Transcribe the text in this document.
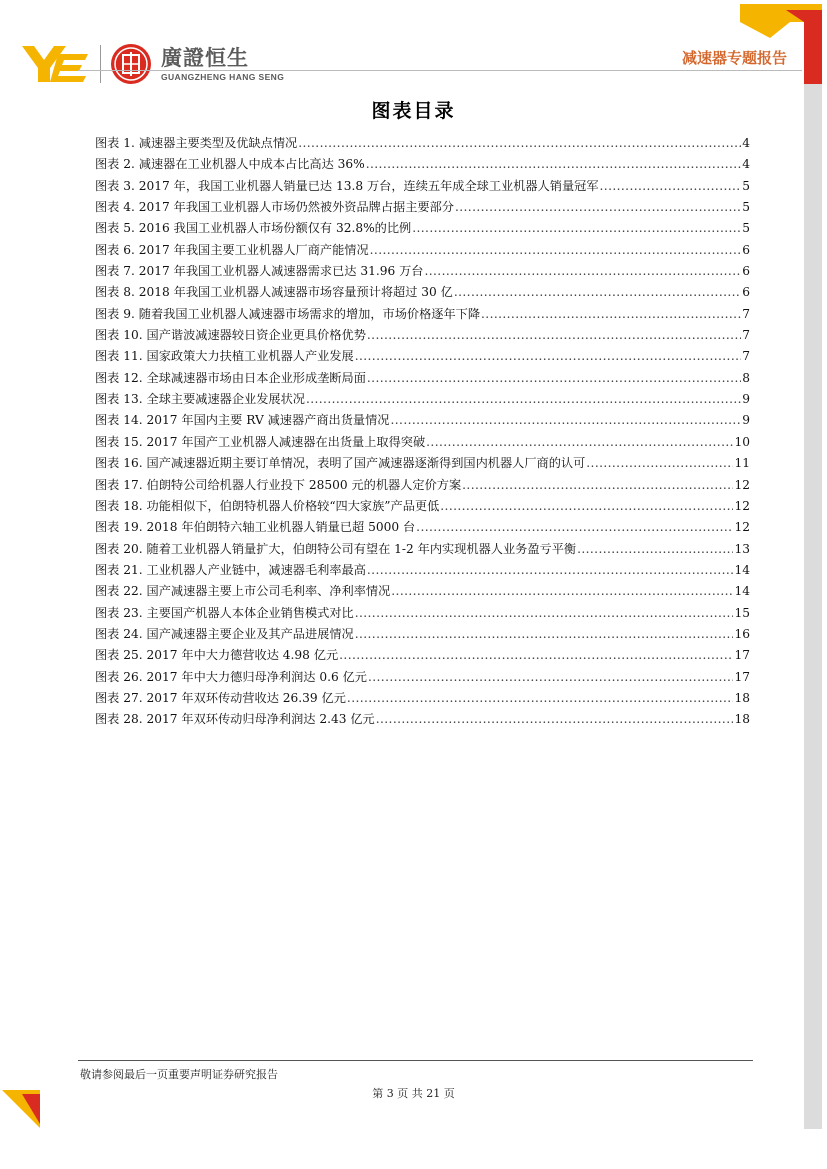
廣證恒生
GUANGZHENG HANG SENG
减速器专题报告
图表目录
图表 1. 减速器主要类型及优缺点情况 .....	4
图表 2. 减速器在工业机器人中成本占比高达 36% .....	4
图表 3. 2017 年，我国工业机器人销量已达 13.8 万台，连续五年成全球工业机器人销量冠军 .....	5
图表 4. 2017 年我国工业机器人市场仍然被外资品牌占据主要部分 .....	5
图表 5. 2016 我国工业机器人市场份额仅有 32.8%的比例 .....	5
图表 6. 2017 年我国主要工业机器人厂商产能情况 .....	6
图表 7. 2017 年我国工业机器人减速器需求已达 31.96 万台 .....	6
图表 8. 2018 年我国工业机器人减速器市场容量预计将超过 30 亿 .....	6
图表 9. 随着我国工业机器人减速器市场需求的增加，市场价格逐年下降 .....	7
图表 10. 国产谐波减速器较日资企业更具价格优势 .....	7
图表 11. 国家政策大力扶植工业机器人产业发展 .....	7
图表 12. 全球减速器市场由日本企业形成垄断局面 .....	8
图表 13. 全球主要减速器企业发展状况 .....	9
图表 14. 2017 年国内主要 RV 减速器产商出货量情况 .....	9
图表 15. 2017 年国产工业机器人减速器在出货量上取得突破 .....	10
图表 16. 国产减速器近期主要订单情况，表明了国产减速器逐渐得到国内机器人厂商的认可 .....	11
图表 17. 伯朗特公司给机器人行业投下 28500 元的机器人定价方案 .....	12
图表 18. 功能相似下，伯朗特机器人价格较“四大家族”产品更低 .....	12
图表 19. 2018 年伯朗特六轴工业机器人销量已超 5000 台 .....	12
图表 20. 随着工业机器人销量扩大，伯朗特公司有望在 1-2 年内实现机器人业务盈亏平衡 .....	13
图表 21. 工业机器人产业链中，减速器毛利率最高 .....	14
图表 22. 国产减速器主要上市公司毛利率、净利率情况 .....	14
图表 23. 主要国产机器人本体企业销售模式对比 .....	15
图表 24. 国产减速器主要企业及其产品进展情况 .....	16
图表 25. 2017 年中大力德营收达 4.98 亿元 .....	17
图表 26. 2017 年中大力德归母净利润达 0.6 亿元 .....	17
图表 27. 2017 年双环传动营收达 26.39 亿元 .....	18
图表 28. 2017 年双环传动归母净利润达 2.43 亿元 .....	18
敬请参阅最后一页重要声明证券研究报告
第 3 页 共 21 页
